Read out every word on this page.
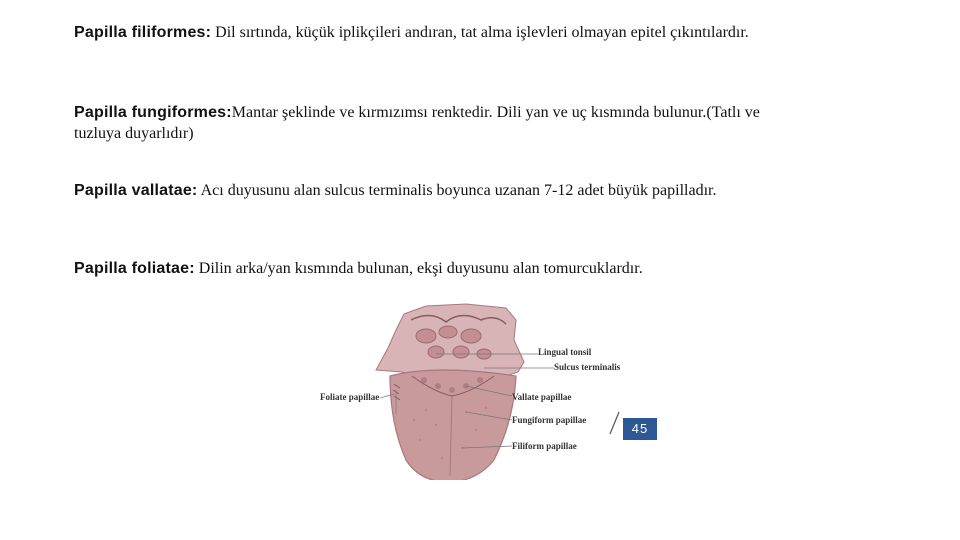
Papilla filiformes: Dil sırtında, küçük iplikçileri andıran, tat alma işlevleri olmayan epitel çıkıntılardır.
Papilla fungiformes:Mantar şeklinde ve kırmızımsı renktedir. Dili yan ve uç kısmında bulunur.(Tatlı ve tuzluya duyarlıdır)
Papilla vallatae: Acı duyusunu alan sulcus terminalis boyunca uzanan 7-12 adet büyük papilladır.
Papilla foliatae: Dilin arka/yan kısmında bulunan, ekşi duyusunu alan tomurcuklardır.
Lingual tonsil
Sulcus terminalis
Foliate papillae	Vallate papillae
Fungiform papillae
Filiform papillae
45
